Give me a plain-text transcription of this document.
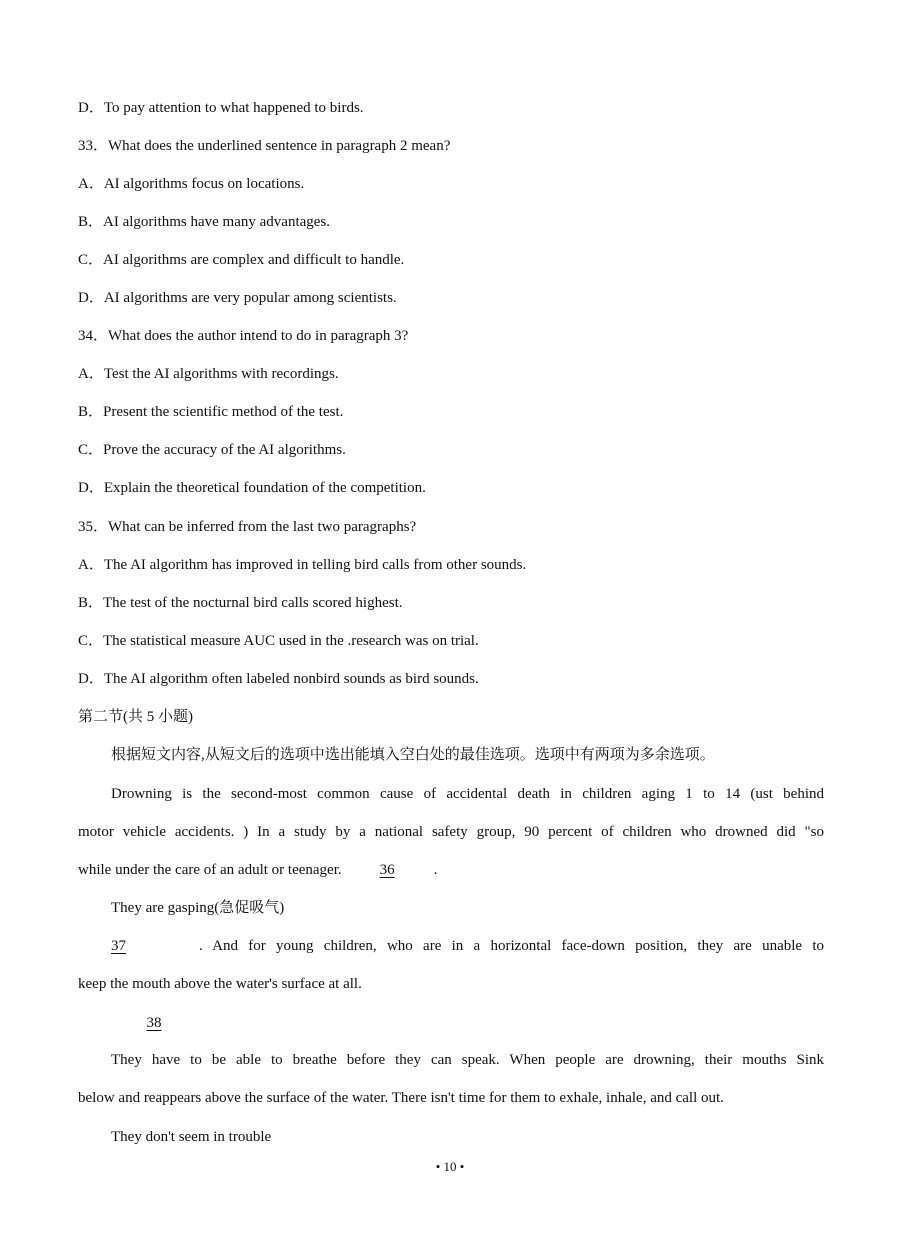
D．To pay attention to what happened to birds.
33．What does the underlined sentence in paragraph 2 mean?
A．AI algorithms focus on locations.
B．AI algorithms have many advantages.
C．AI algorithms are complex and difficult to handle.
D．AI algorithms are very popular among scientists.
34．What does the author intend to do in paragraph 3?
A．Test the AI algorithms with recordings.
B．Present the scientific method of the test.
C．Prove the accuracy of the AI algorithms.
D．Explain the theoretical foundation of the competition.
35．What can be inferred from the last two paragraphs?
A．The AI algorithm has improved in telling bird calls from other sounds.
B．The test of the nocturnal bird calls scored highest.
C．The statistical measure AUC used in the .research was on trial.
D．The AI algorithm often labeled nonbird sounds as bird sounds.
第二节(共 5 小题)
根据短文内容,从短文后的选项中选出能填入空白处的最佳选项。选项中有两项为多余选项。
Drowning is the second-most common cause of accidental death in children aging 1 to 14 (ust behind
motor vehicle accidents. ) In a study by a national safety group, 90 percent of children who drowned did "so
while under the care of an adult or teenager.	36	.
They are gasping(急促吸气)
37	. And for young children, who are in a horizontal face-down position, they are unable to
keep the mouth above the water's surface at all.
38
They have to be able to breathe before they can speak. When people are drowning, their mouths Sink
below and reappears above the surface of the water. There isn't time for them to exhale, inhale, and call out.
They don't seem in trouble
• 10 •
